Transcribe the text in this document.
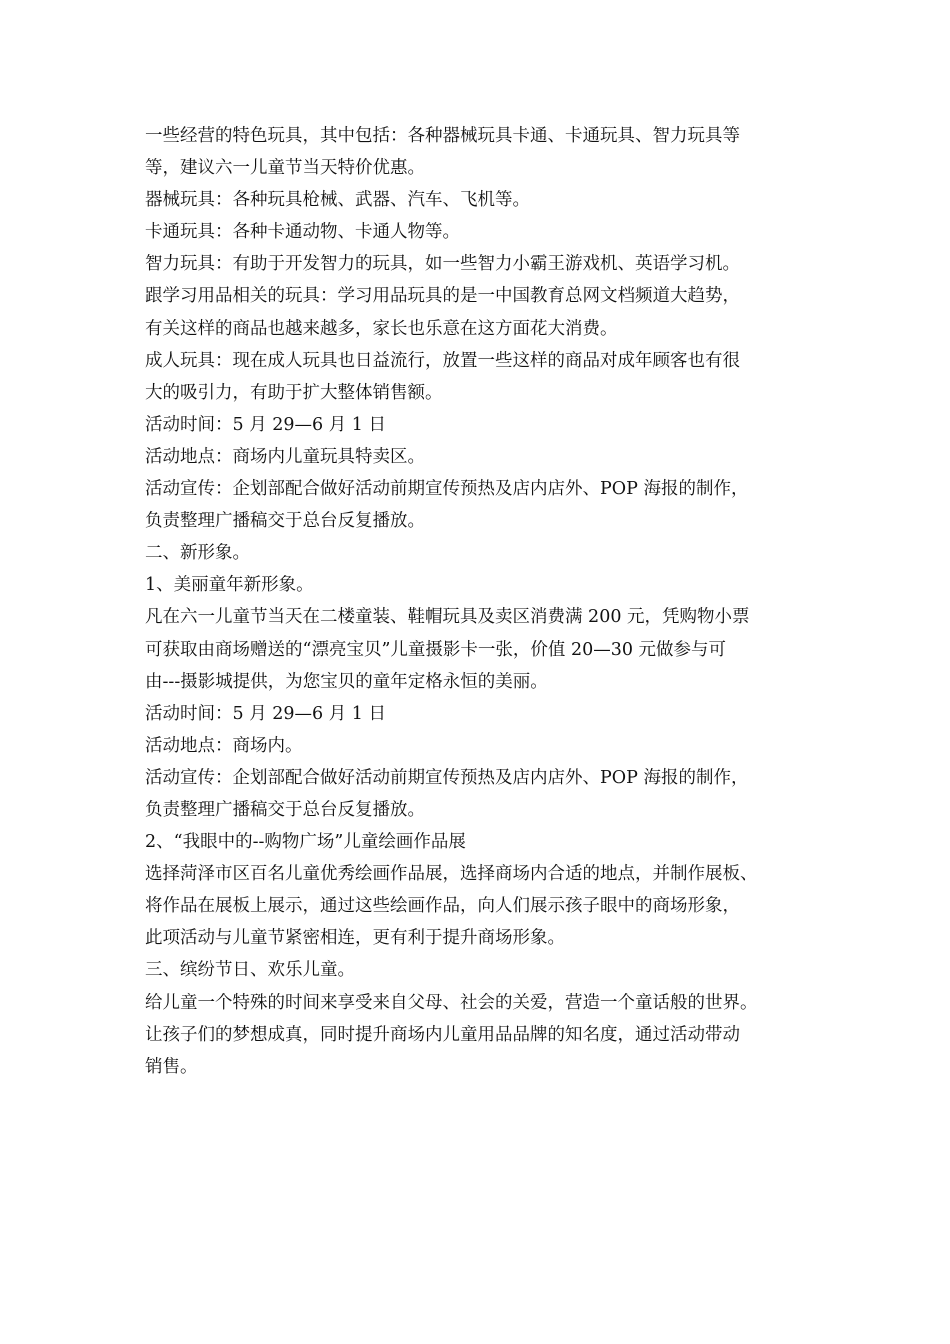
一些经营的特色玩具，其中包括：各种器械玩具卡通、卡通玩具、智力玩具等
等，建议六一儿童节当天特价优惠。
器械玩具：各种玩具枪械、武器、汽车、飞机等。
卡通玩具：各种卡通动物、卡通人物等。
智力玩具：有助于开发智力的玩具，如一些智力小霸王游戏机、英语学习机。
跟学习用品相关的玩具：学习用品玩具的是一中国教育总网文档频道大趋势，
有关这样的商品也越来越多，家长也乐意在这方面花大消费。
成人玩具：现在成人玩具也日益流行，放置一些这样的商品对成年顾客也有很
大的吸引力，有助于扩大整体销售额。
活动时间：5 月 29—6 月 1 日
活动地点：商场内儿童玩具特卖区。
活动宣传：企划部配合做好活动前期宣传预热及店内店外、POP 海报的制作，
负责整理广播稿交于总台反复播放。
二、新形象。
1、美丽童年新形象。
凡在六一儿童节当天在二楼童装、鞋帽玩具及卖区消费满 200 元，凭购物小票
可获取由商场赠送的“漂亮宝贝”儿童摄影卡一张，价值 20—30 元做参与可
由---摄影城提供，为您宝贝的童年定格永恒的美丽。
活动时间：5 月 29—6 月 1 日
活动地点：商场内。
活动宣传：企划部配合做好活动前期宣传预热及店内店外、POP 海报的制作，
负责整理广播稿交于总台反复播放。
2、“我眼中的--购物广场”儿童绘画作品展
选择菏泽市区百名儿童优秀绘画作品展，选择商场内合适的地点，并制作展板、
将作品在展板上展示，通过这些绘画作品，向人们展示孩子眼中的商场形象，
此项活动与儿童节紧密相连，更有利于提升商场形象。
三、缤纷节日、欢乐儿童。
给儿童一个特殊的时间来享受来自父母、社会的关爱，营造一个童话般的世界。
让孩子们的梦想成真，同时提升商场内儿童用品品牌的知名度，通过活动带动
销售。
